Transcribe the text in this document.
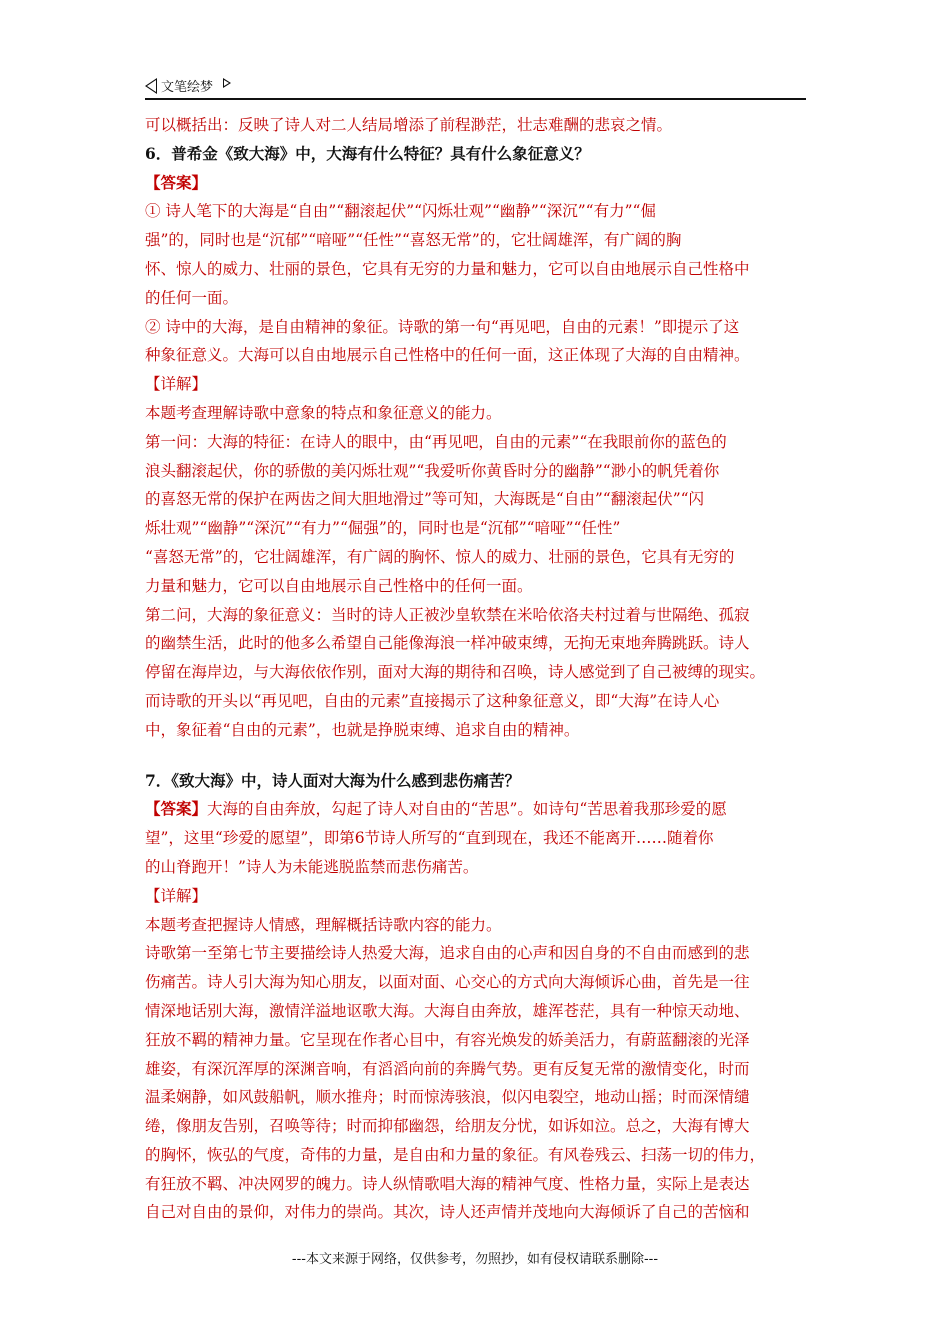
文笔绘梦
可以概括出：反映了诗人对二人结局增添了前程渺茫，壮志难酬的悲哀之情。
6．普希金《致大海》中，大海有什么特征？具有什么象征意义？
【答案】
① 诗人笔下的大海是“自由”“翻滚起伏”“闪烁壮观”“幽静”“深沉”“有力”“倔
强”的，同时也是“沉郁”“喑哑”“任性”“喜怒无常”的，它壮阔雄浑，有广阔的胸
怀、惊人的威力、壮丽的景色，它具有无穷的力量和魅力，它可以自由地展示自己性格中
的任何一面。
② 诗中的大海，是自由精神的象征。诗歌的第一句“再见吧，自由的元素！”即提示了这
种象征意义。大海可以自由地展示自己性格中的任何一面，这正体现了大海的自由精神。
【详解】
本题考查理解诗歌中意象的特点和象征意义的能力。
第一问：大海的特征：在诗人的眼中，由“再见吧，自由的元素”“在我眼前你的蓝色的
浪头翻滚起伏，你的骄傲的美闪烁壮观”“我爱听你黄昏时分的幽静”“渺小的帆凭着你
的喜怒无常的保护在两齿之间大胆地滑过”等可知，大海既是“自由”“翻滚起伏”“闪
烁壮观”“幽静”“深沉”“有力”“倔强”的，同时也是“沉郁”“喑哑”“任性”
“喜怒无常”的，它壮阔雄浑，有广阔的胸怀、惊人的威力、壮丽的景色，它具有无穷的
力量和魅力，它可以自由地展示自己性格中的任何一面。
第二问，大海的象征意义：当时的诗人正被沙皇软禁在米哈依洛夫村过着与世隔绝、孤寂
的幽禁生活，此时的他多么希望自己能像海浪一样冲破束缚，无拘无束地奔腾跳跃。诗人
停留在海岸边，与大海依依作别，面对大海的期待和召唤，诗人感觉到了自己被缚的现实。
而诗歌的开头以“再见吧，自由的元素”直接揭示了这种象征意义，即“大海”在诗人心
中，象征着“自由的元素”，也就是挣脱束缚、追求自由的精神。
7．《致大海》中，诗人面对大海为什么感到悲伤痛苦？
【答案】大海的自由奔放，勾起了诗人对自由的“苦思”。如诗句“苦思着我那珍爱的愿
望”，这里“珍爱的愿望”，即第6节诗人所写的“直到现在，我还不能离开……随着你
的山脊跑开！”诗人为未能逃脱监禁而悲伤痛苦。
【详解】
本题考查把握诗人情感，理解概括诗歌内容的能力。
诗歌第一至第七节主要描绘诗人热爱大海，追求自由的心声和因自身的不自由而感到的悲
伤痛苦。诗人引大海为知心朋友，以面对面、心交心的方式向大海倾诉心曲，首先是一往
情深地话别大海，激情洋溢地讴歌大海。大海自由奔放，雄浑苍茫，具有一种惊天动地、
狂放不羁的精神力量。它呈现在作者心目中，有容光焕发的娇美活力，有蔚蓝翻滚的光泽
雄姿，有深沉浑厚的深渊音响，有滔滔向前的奔腾气势。更有反复无常的激情变化，时而
温柔娴静，如风鼓船帆，顺水推舟；时而惊涛骇浪，似闪电裂空，地动山摇；时而深情缱
绻，像朋友告别，召唤等待；时而抑郁幽怨，给朋友分忧，如诉如泣。总之，大海有博大
的胸怀，恢弘的气度，奇伟的力量，是自由和力量的象征。有风卷残云、扫荡一切的伟力，
有狂放不羁、冲决网罗的魄力。诗人纵情歌唱大海的精神气度、性格力量，实际上是表达
自己对自由的景仰，对伟力的崇尚。其次，诗人还声情并茂地向大海倾诉了自己的苦恼和
---本文来源于网络，仅供参考，勿照抄，如有侵权请联系删除---
